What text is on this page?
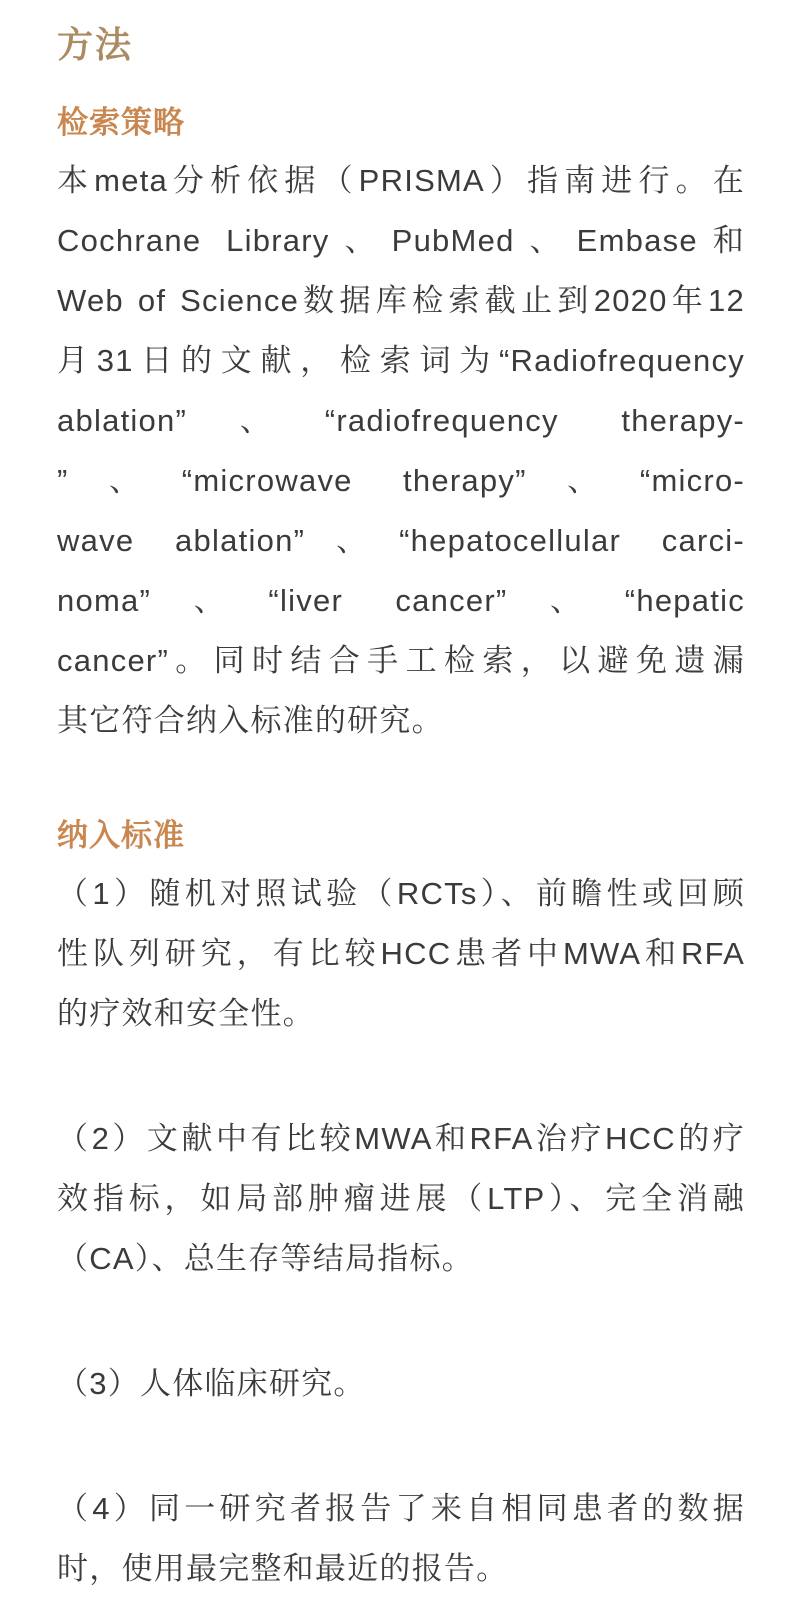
方法
检索策略

本meta分析依据（PRISMA）指南进行。在
Cochrane Library、PubMed、Embase和
Web of Science数据库检索截止到2020年12
月31日的文献，检索词为“Radiofrequency
ablation”、“radiofrequency therapy-
”、“microwave therapy”、“micro-
wave ablation”、“hepatocellular carci-
noma”、“liver cancer”、“hepatic
cancer”。同时结合手工检索，以避免遗漏
其它符合纳入标准的研究。

纳入标准

（1）随机对照试验（RCTs）、前瞻性或回顾
性队列研究，有比较HCC患者中MWA和RFA
的疗效和安全性。

（2）文献中有比较MWA和RFA治疗HCC的疗
效指标，如局部肿瘤进展（LTP）、完全消融
（CA）、总生存等结局指标。

（3）人体临床研究。

（4）同一研究者报告了来自相同患者的数据
时，使用最完整和最近的报告。
